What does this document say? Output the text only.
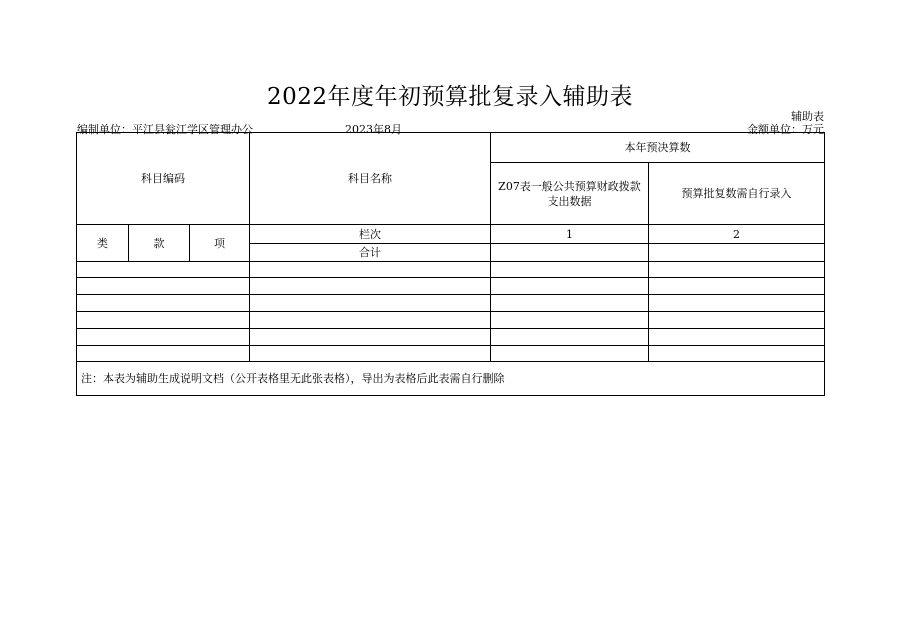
2022年度年初预算批复录入辅助表
辅助表
编制单位：平江县瓮江学区管理办公	2023年8月	金额单位：万元
科目编码			科目名称	本年预决算数	
				Z07表一般公共预算财政拨款支出数据	预算批复数需自行录入
类	款	项	栏次	1	2
			合计		

注：本表为辅助生成说明文档（公开表格里无此张表格），导出为表格后此表需自行删除					
